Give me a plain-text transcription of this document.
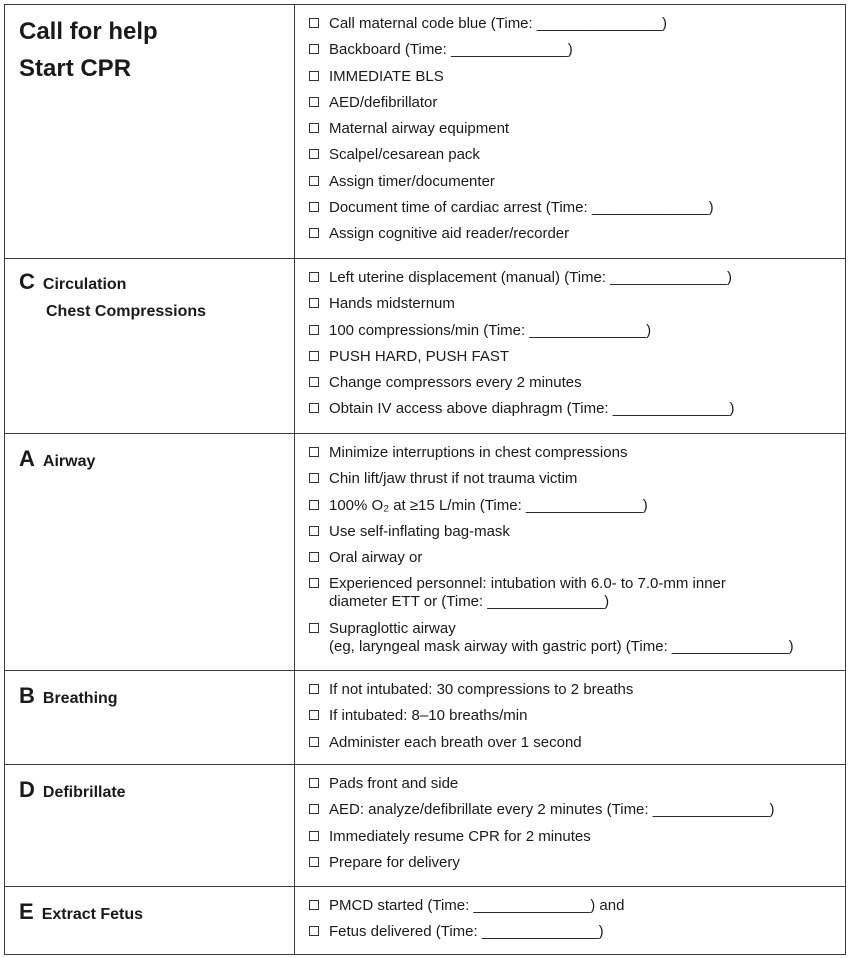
Call for help
Start CPR
Call maternal code blue (Time: _______________)
Backboard (Time: ______________)
IMMEDIATE BLS
AED/defibrillator
Maternal airway equipment
Scalpel/cesarean pack
Assign timer/documenter
Document time of cardiac arrest (Time: ______________)
Assign cognitive aid reader/recorder
C Circulation
Chest Compressions
Left uterine displacement (manual) (Time: ______________)
Hands midsternum
100 compressions/min (Time: ______________)
PUSH HARD, PUSH FAST
Change compressors every 2 minutes
Obtain IV access above diaphragm (Time: ______________)
A Airway
Minimize interruptions in chest compressions
Chin lift/jaw thrust if not trauma victim
100% O₂ at ≥15 L/min (Time: ______________)
Use self-inflating bag-mask
Oral airway or
Experienced personnel: intubation with 6.0- to 7.0-mm inner
diameter ETT or (Time: ______________)
Supraglottic airway
(eg, laryngeal mask airway with gastric port) (Time: ______________)
B Breathing
If not intubated: 30 compressions to 2 breaths
If intubated: 8–10 breaths/min
Administer each breath over 1 second
D Defibrillate
Pads front and side
AED: analyze/defibrillate every 2 minutes (Time: ______________)
Immediately resume CPR for 2 minutes
Prepare for delivery
E Extract Fetus
PMCD started (Time: ______________) and
Fetus delivered (Time: ______________)
